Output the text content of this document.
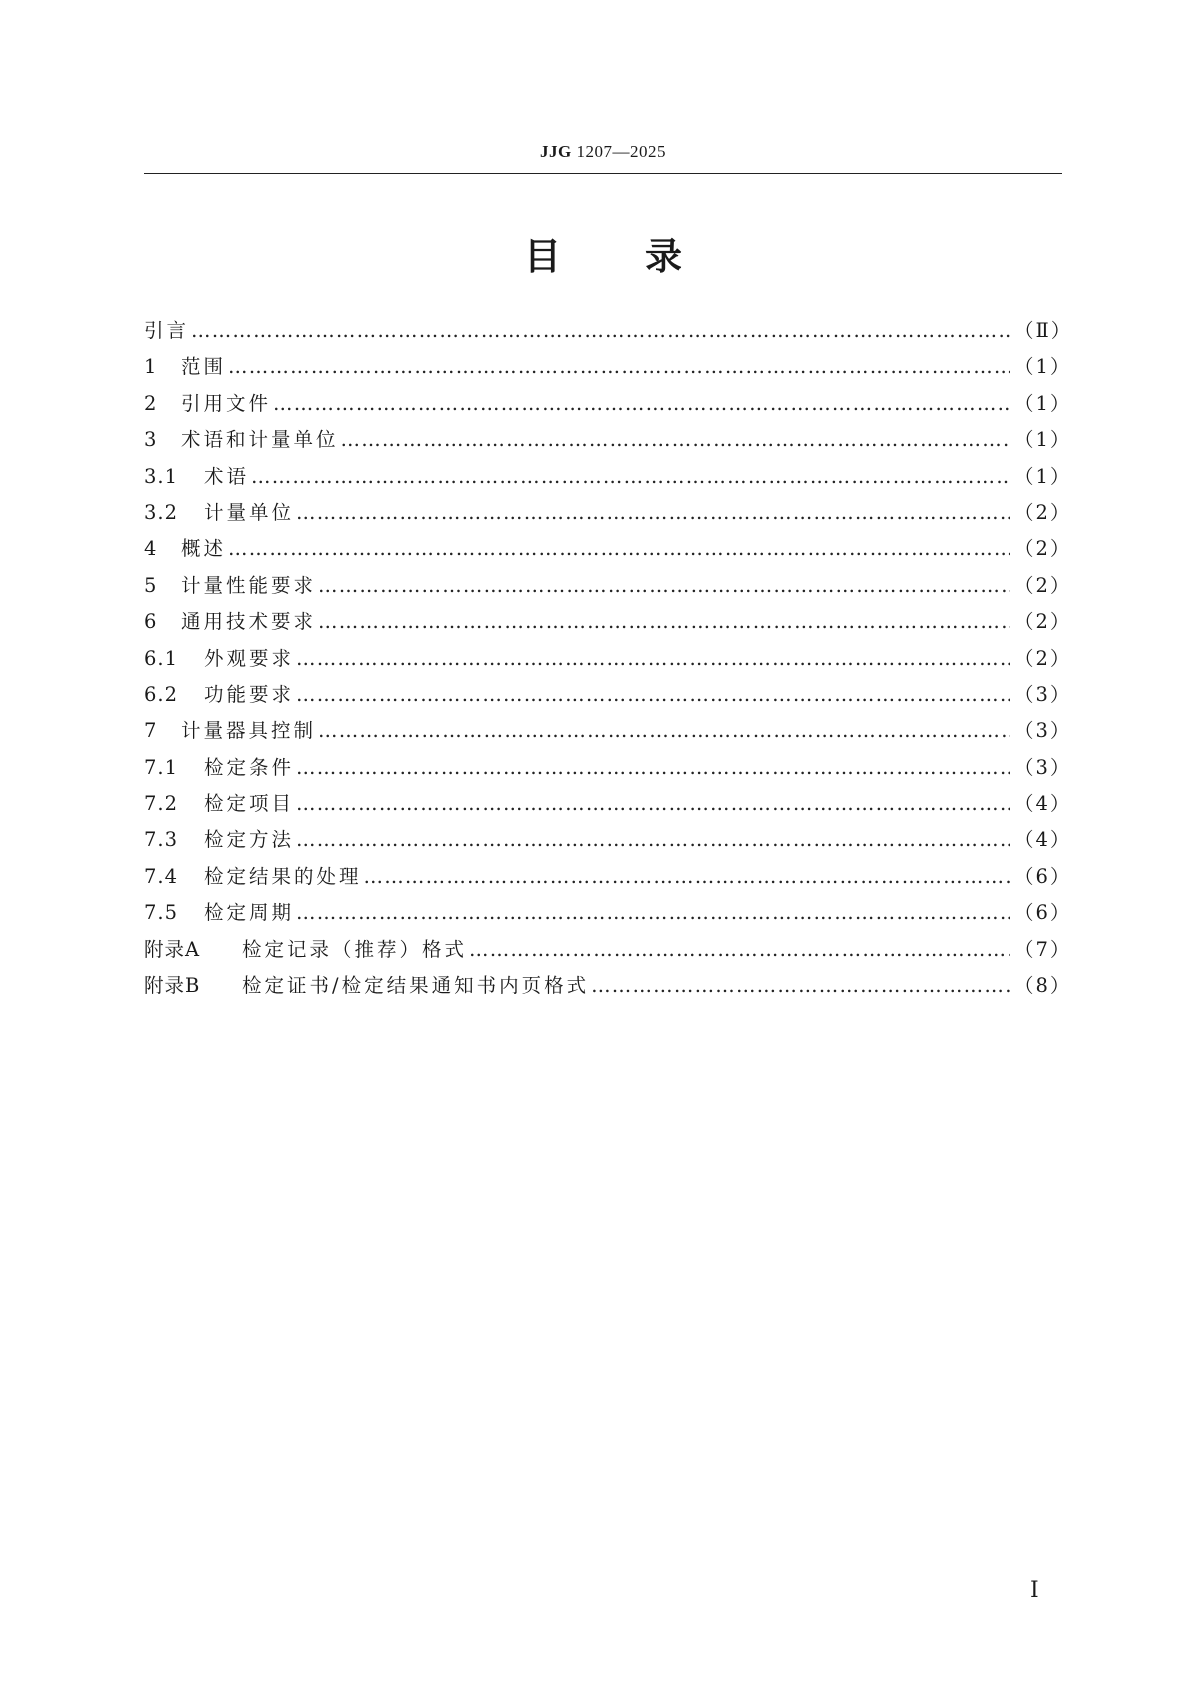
JJG 1207—2025
目 录
引言 ……………………………………………………………………………………………………………………………………………………………………………………………………………………………………	（Ⅱ）
1	范围 ……………………………………………………………………………………………………………………………………………………………………………………………………………………………………	（1）
2	引用文件 ……………………………………………………………………………………………………………………………………………………………………………………………………………………………………	（1）
3	术语和计量单位 ……………………………………………………………………………………………………………………………………………………………………………………………………………………………………	（1）
3.1	术语 ……………………………………………………………………………………………………………………………………………………………………………………………………………………………………	（1）
3.2	计量单位 ……………………………………………………………………………………………………………………………………………………………………………………………………………………………………	（2）
4	概述 ……………………………………………………………………………………………………………………………………………………………………………………………………………………………………	（2）
5	计量性能要求 ……………………………………………………………………………………………………………………………………………………………………………………………………………………………………	（2）
6	通用技术要求 ……………………………………………………………………………………………………………………………………………………………………………………………………………………………………	（2）
6.1	外观要求 ……………………………………………………………………………………………………………………………………………………………………………………………………………………………………	（2）
6.2	功能要求 ……………………………………………………………………………………………………………………………………………………………………………………………………………………………………	（3）
7	计量器具控制 ……………………………………………………………………………………………………………………………………………………………………………………………………………………………………	（3）
7.1	检定条件 ……………………………………………………………………………………………………………………………………………………………………………………………………………………………………	（3）
7.2	检定项目 ……………………………………………………………………………………………………………………………………………………………………………………………………………………………………	（4）
7.3	检定方法 ……………………………………………………………………………………………………………………………………………………………………………………………………………………………………	（4）
7.4	检定结果的处理 ……………………………………………………………………………………………………………………………………………………………………………………………………………………………………	（6）
7.5	检定周期 ……………………………………………………………………………………………………………………………………………………………………………………………………………………………………	（6）
附录A	检定记录（推荐）格式 ……………………………………………………………………………………………………………………………………………………………………………………………………………………………………	（7）
附录B	检定证书/检定结果通知书内页格式 ……………………………………………………………………………………………………………………………………………………………………………………………………………………………………	（8）
Ⅰ
